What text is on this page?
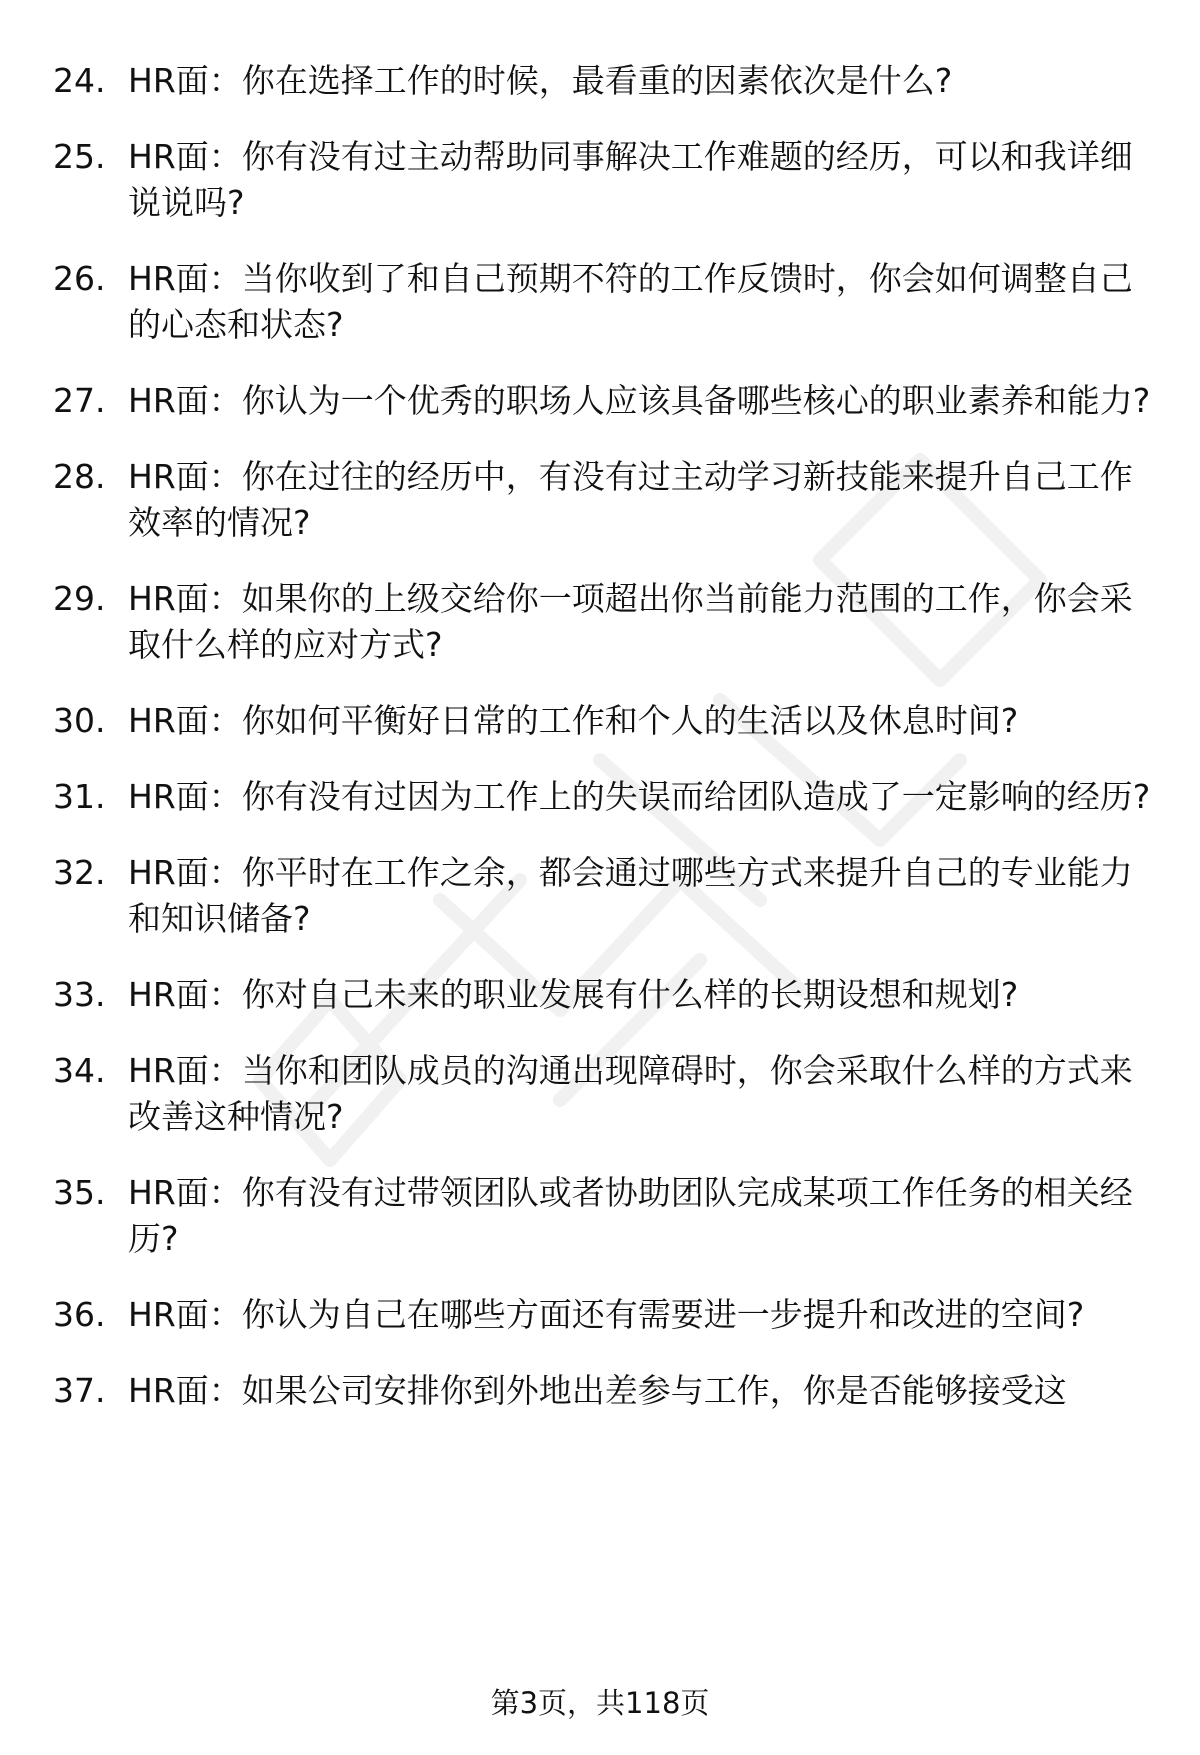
24. HR面：你在选择工作的时候，最看重的因素依次是什么?
25. HR面：你有没有过主动帮助同事解决工作难题的经历，可以和我详细说说吗?
26. HR面：当你收到了和自己预期不符的工作反馈时，你会如何调整自己的心态和状态?
27. HR面：你认为一个优秀的职场人应该具备哪些核心的职业素养和能力?
28. HR面：你在过往的经历中，有没有过主动学习新技能来提升自己工作效率的情况?
29. HR面：如果你的上级交给你一项超出你当前能力范围的工作，你会采取什么样的应对方式?
30. HR面：你如何平衡好日常的工作和个人的生活以及休息时间?
31. HR面：你有没有过因为工作上的失误而给团队造成了一定影响的经历?
32. HR面：你平时在工作之余，都会通过哪些方式来提升自己的专业能力和知识储备?
33. HR面：你对自己未来的职业发展有什么样的长期设想和规划?
34. HR面：当你和团队成员的沟通出现障碍时，你会采取什么样的方式来改善这种情况?
35. HR面：你有没有过带领团队或者协助团队完成某项工作任务的相关经历?
36. HR面：你认为自己在哪些方面还有需要进一步提升和改进的空间?
37. HR面：如果公司安排你到外地出差参与工作，你是否能够接受这
第3页，共118页
